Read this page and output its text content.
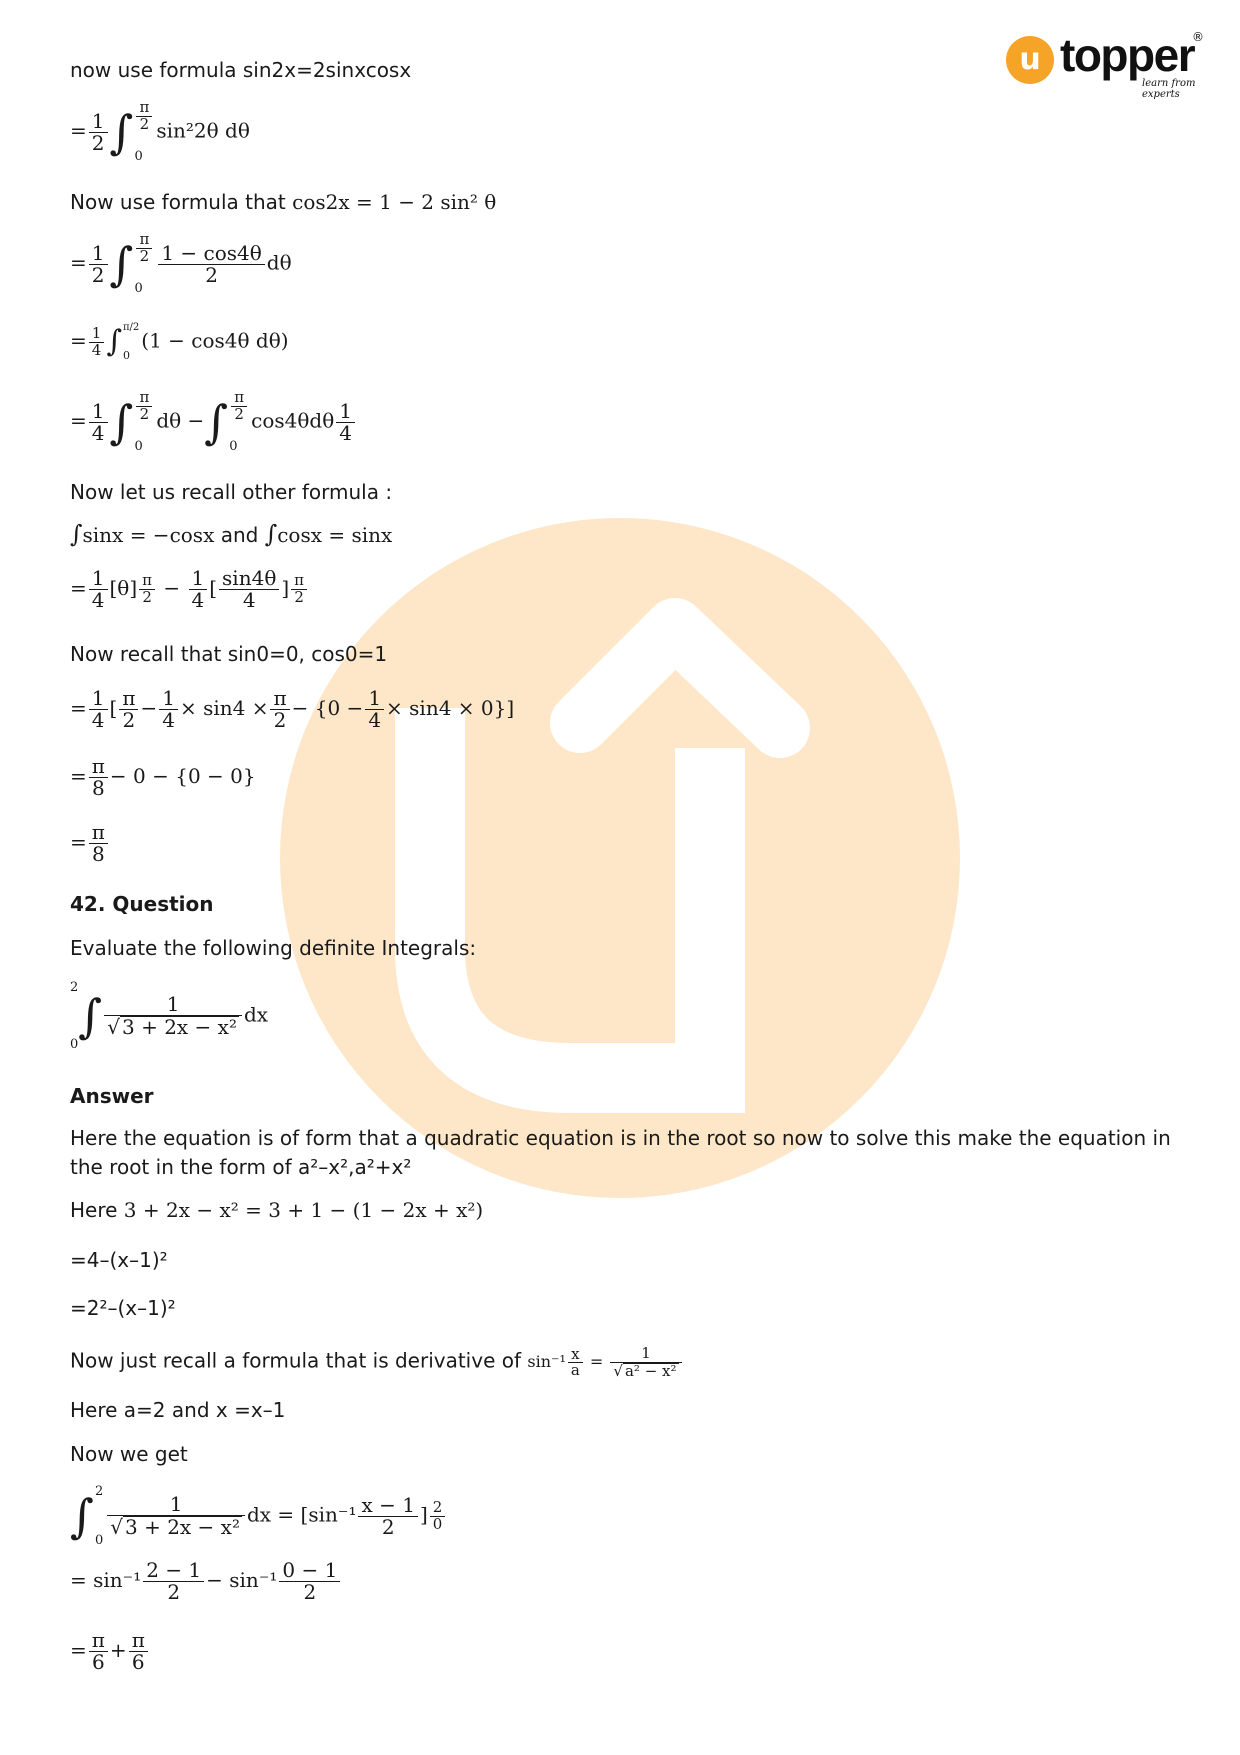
u topper
®
learn from experts
now use formula sin2x=2sinxcosx
= $\frac{1}{2}$ ∫ $\frac{\pi}{2}$
0
sin²2θ dθ
Now use formula that cos2x = 1 − 2 sin² θ
= $\frac{1}{2}$ ∫ $\frac{\pi}{2}$
0
$\frac{1 - \cos 4\theta}{2}$ dθ
= $\frac{1}{4}$ ∫ π/2
0
(1 − cos4θ dθ)
= $\frac{1}{4}$ ∫ $\frac{\pi}{2}$
0
dθ − ∫ $\frac{\pi}{2}$
0
$\cos 4\theta d\theta \frac{1}{4}$
Now let us recall other formula :
∫sinx = −cosx and ∫cosx = sinx
= $\frac{1}{4} [\theta] \frac{\pi}{2} - \frac{1}{4}$ [ $\frac{\sin 4\theta}{4}$ ] $\frac{\pi}{2}$
Now recall that sin0=0, cos0=1
= $\frac{1}{4}$ [ $\frac{\pi}{2} - \frac{1}{4} \times \sin 4 \times \frac{\pi}{2} - \{0 - \frac{1}{4} \times \sin 4 \times 0\}$]
= $\frac{\pi}{8} - 0 - \{0 - 0\}$
= $\frac{\pi}{8}$
42. Question
Evaluate the following definite Integrals:
2
0
∫ $\frac{1}{\text{√ 3 + 2x − x²}}$ dx
Answer
Here the equation is of form that a quadratic equation is in the root so now to solve this make the equation in the root in the form of a²–x²,a²+x²
Here 3 + 2x − x² = 3 + 1 − (1 − 2x + x²)
=4–(x–1)²
=2²–(x–1)²
Now just recall a formula that is derivative of $\sin^{-1} \frac{x}{a} = \frac{1}{\text{√ a² − x²}}$
Here a=2 and x =x–1
Now we get
∫ 2
0
$\frac{1}{\text{√ 3 + 2x − x²}}$ dx = [$\sin^{-1} \frac{x - 1}{2}$ ] $\frac{2}{0}$
= $\sin^{-1} \frac{2 - 1}{2} - \sin^{-1} \frac{0 - 1}{2}$
= $\frac{\pi}{6} + \frac{\pi}{6}$
